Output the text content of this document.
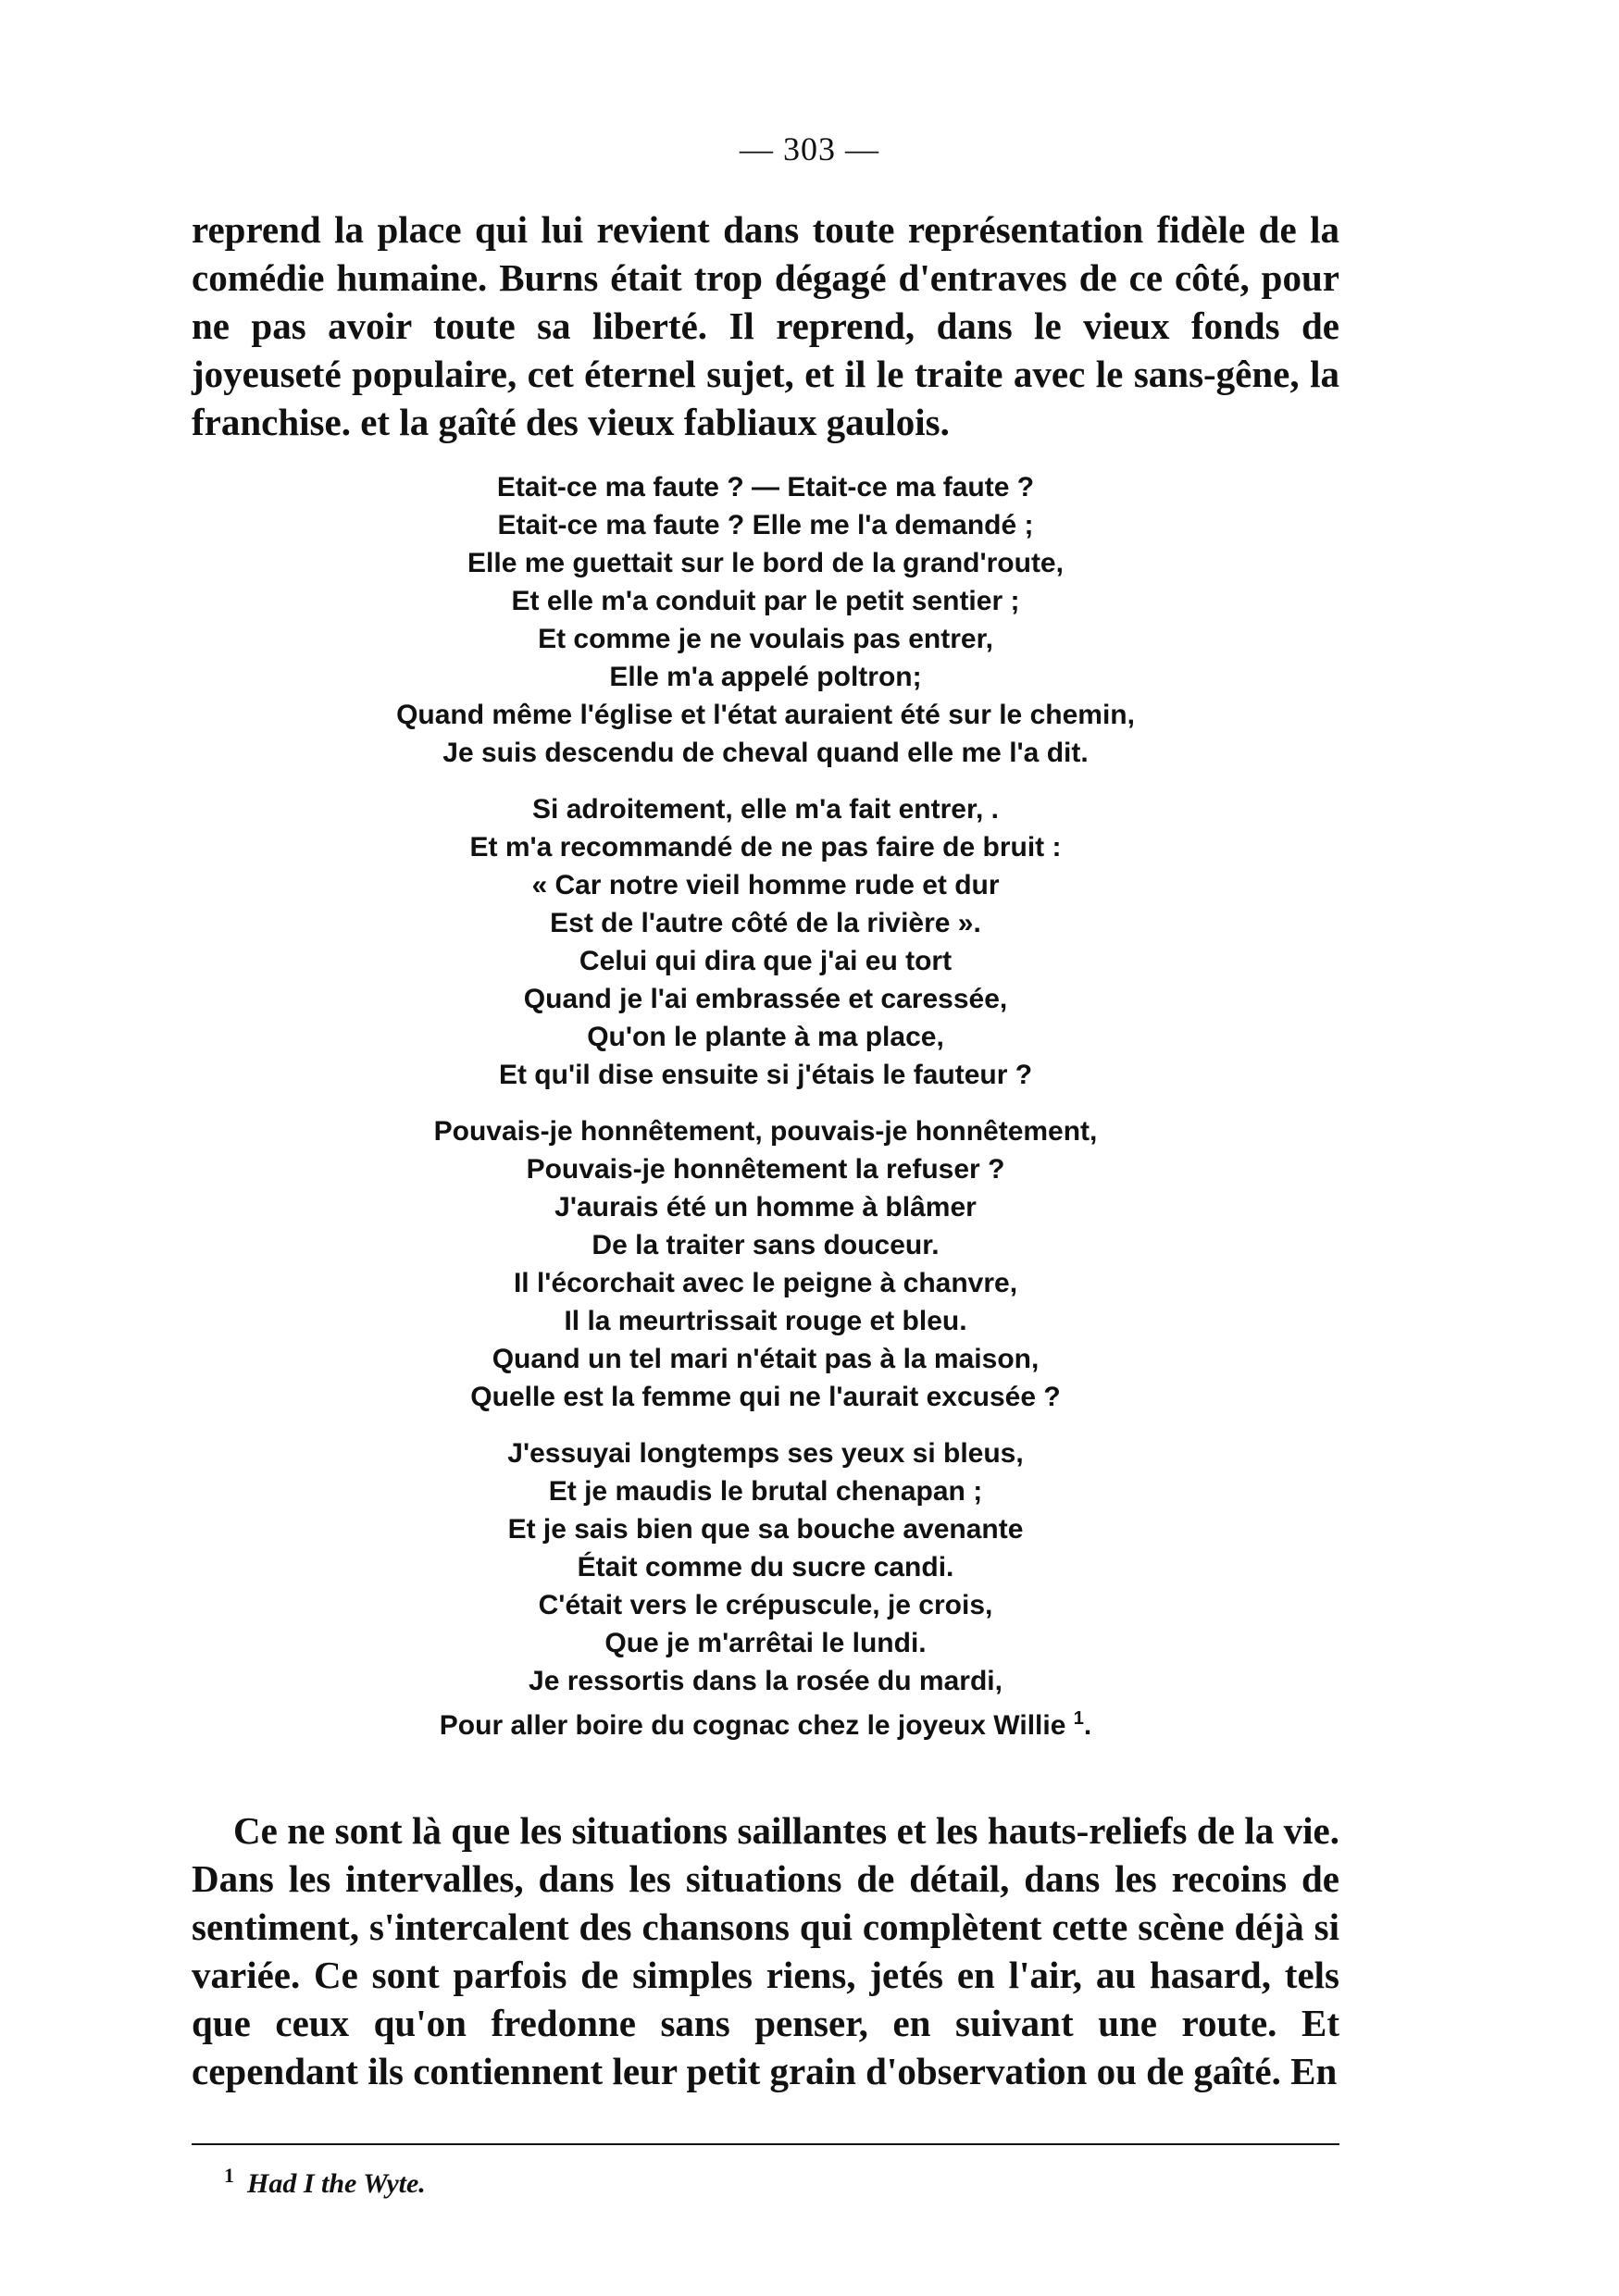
— 303 —

reprend la place qui lui revient dans toute représentation fidèle de la comédie humaine. Burns était trop dégagé d'entraves de ce côté, pour ne pas avoir toute sa liberté. Il reprend, dans le vieux fonds de joyeuseté populaire, cet éternel sujet, et il le traite avec le sans-gêne, la franchise. et la gaîté des vieux fabliaux gaulois.

Etait-ce ma faute ? — Etait-ce ma faute ?
Etait-ce ma faute ? Elle me l'a demandé ;
Elle me guettait sur le bord de la grand'route,
Et elle m'a conduit par le petit sentier ;
Et comme je ne voulais pas entrer,
Elle m'a appelé poltron;
Quand même l'église et l'état auraient été sur le chemin,
Je suis descendu de cheval quand elle me l'a dit.
Si adroitement, elle m'a fait entrer, .
Et m'a recommandé de ne pas faire de bruit :
« Car notre vieil homme rude et dur
Est de l'autre côté de la rivière ».
Celui qui dira que j'ai eu tort
Quand je l'ai embrassée et caressée,
Qu'on le plante à ma place,
Et qu'il dise ensuite si j'étais le fauteur ?
Pouvais-je honnêtement, pouvais-je honnêtement,
Pouvais-je honnêtement la refuser ?
J'aurais été un homme à blâmer
De la traiter sans douceur.
Il l'écorchait avec le peigne à chanvre,
Il la meurtrissait rouge et bleu.
Quand un tel mari n'était pas à la maison,
Quelle est la femme qui ne l'aurait excusée ?
J'essuyai longtemps ses yeux si bleus,
Et je maudis le brutal chenapan ;
Et je sais bien que sa bouche avenante
Était comme du sucre candi.
C'était vers le crépuscule, je crois,
Que je m'arrêtai le lundi.
Je ressortis dans la rosée du mardi,
Pour aller boire du cognac chez le joyeux Willie $^1$.

Ce ne sont là que les situations saillantes et les hauts-reliefs de la vie. Dans les intervalles, dans les situations de détail, dans les recoins de sentiment, s'intercalent des chansons qui complètent cette scène déjà si variée. Ce sont parfois de simples riens, jetés en l'air, au hasard, tels que ceux qu'on fredonne sans penser, en suivant une route. Et cependant ils contiennent leur petit grain d'observation ou de gaîté. En

$^1$ Had I the Wyte.
